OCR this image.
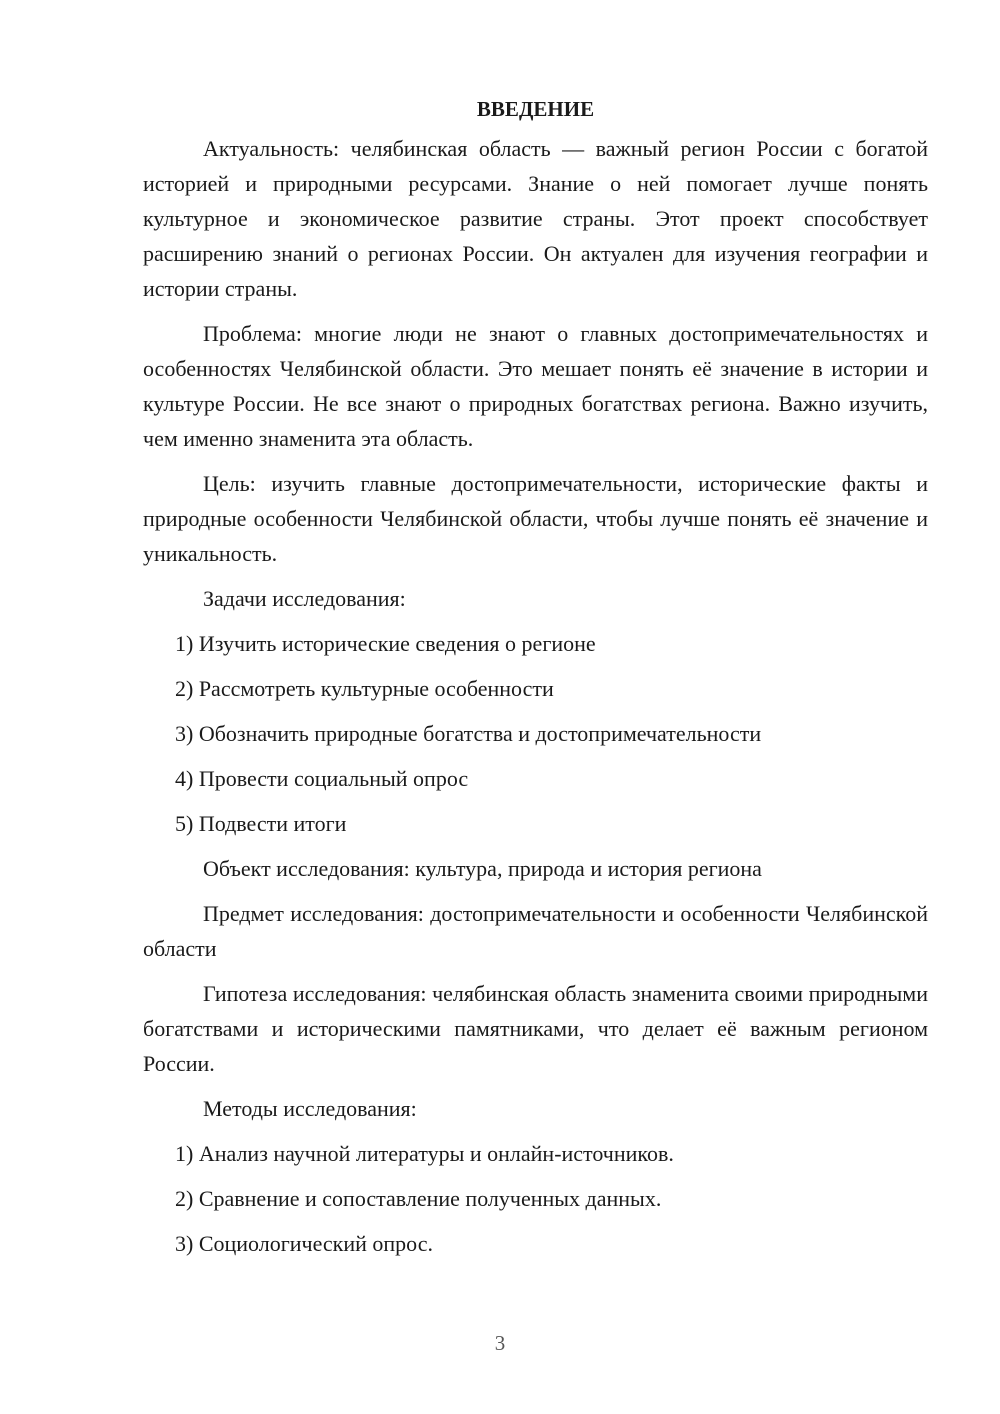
ВВЕДЕНИЕ

Актуальность: челябинская область — важный регион России с богатой историей и природными ресурсами. Знание о ней помогает лучше понять культурное и экономическое развитие страны. Этот проект способствует расширению знаний о регионах России. Он актуален для изучения географии и истории страны.

Проблема: многие люди не знают о главных достопримечательностях и особенностях Челябинской области. Это мешает понять её значение в истории и культуре России. Не все знают о природных богатствах региона. Важно изучить, чем именно знаменита эта область.

Цель: изучить главные достопримечательности, исторические факты и природные особенности Челябинской области, чтобы лучше понять её значение и уникальность.

Задачи исследования:

1) Изучить исторические сведения о регионе
2) Рассмотреть культурные особенности
3) Обозначить природные богатства и достопримечательности
4) Провести социальный опрос
5) Подвести итоги

Объект исследования: культура, природа и история региона

Предмет исследования: достопримечательности и особенности Челябинской области

Гипотеза исследования: челябинская область знаменита своими природными богатствами и историческими памятниками, что делает её важным регионом России.

Методы исследования:

1) Анализ научной литературы и онлайн-источников.
2) Сравнение и сопоставление полученных данных.
3) Социологический опрос.
3
